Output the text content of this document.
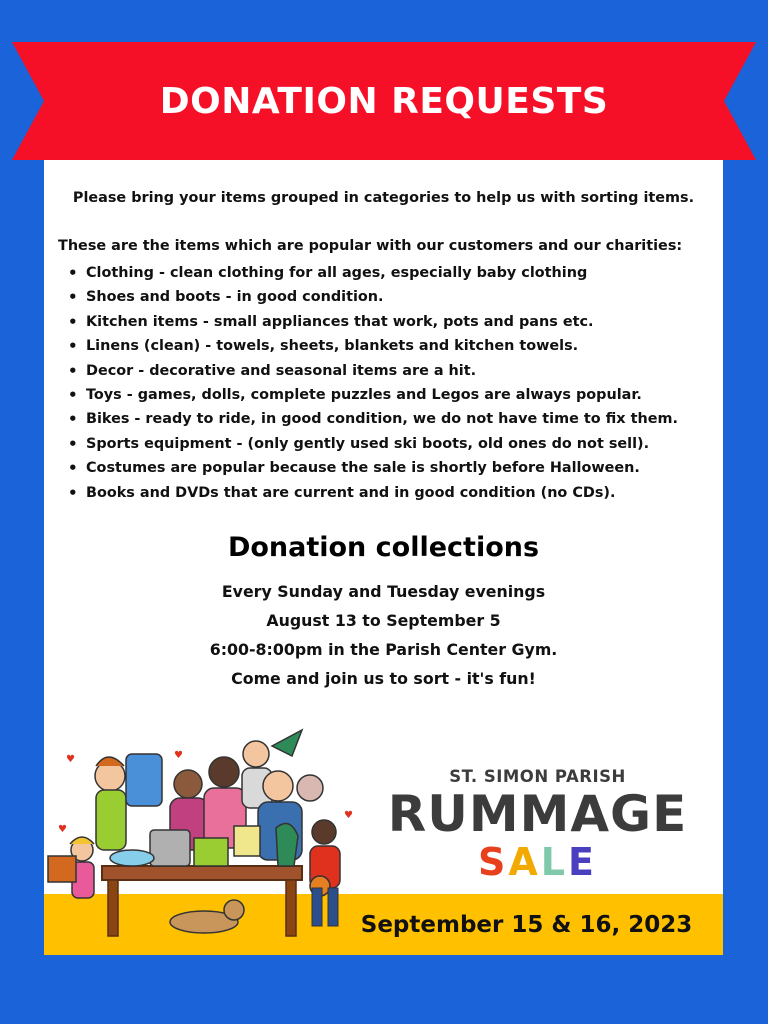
DONATION REQUESTS
Please bring your items grouped in categories to help us with sorting items.
These are the items which are popular with our customers and our charities:
• Clothing - clean clothing for all ages, especially baby clothing
• Shoes and boots - in good condition.
• Kitchen items - small appliances that work, pots and pans etc.
• Linens (clean) - towels, sheets, blankets and kitchen towels.
• Decor - decorative and seasonal items are a hit.
• Toys - games, dolls, complete puzzles and Legos are always popular.
• Bikes - ready to ride, in good condition, we do not have time to fix them.
• Sports equipment - (only gently used ski boots, old ones do not sell).
• Costumes are popular because the sale is shortly before Halloween.
• Books and DVDs that are current and in good condition (no CDs).
Donation collections
Every Sunday and Tuesday evenings
August 13 to September 5
6:00-8:00pm in the Parish Center Gym.
Come and join us to sort - it's fun!
♥	♥
♥
♥
ST. SIMON PARISH
RUMMAGE
SALE
September 15 & 16, 2023
